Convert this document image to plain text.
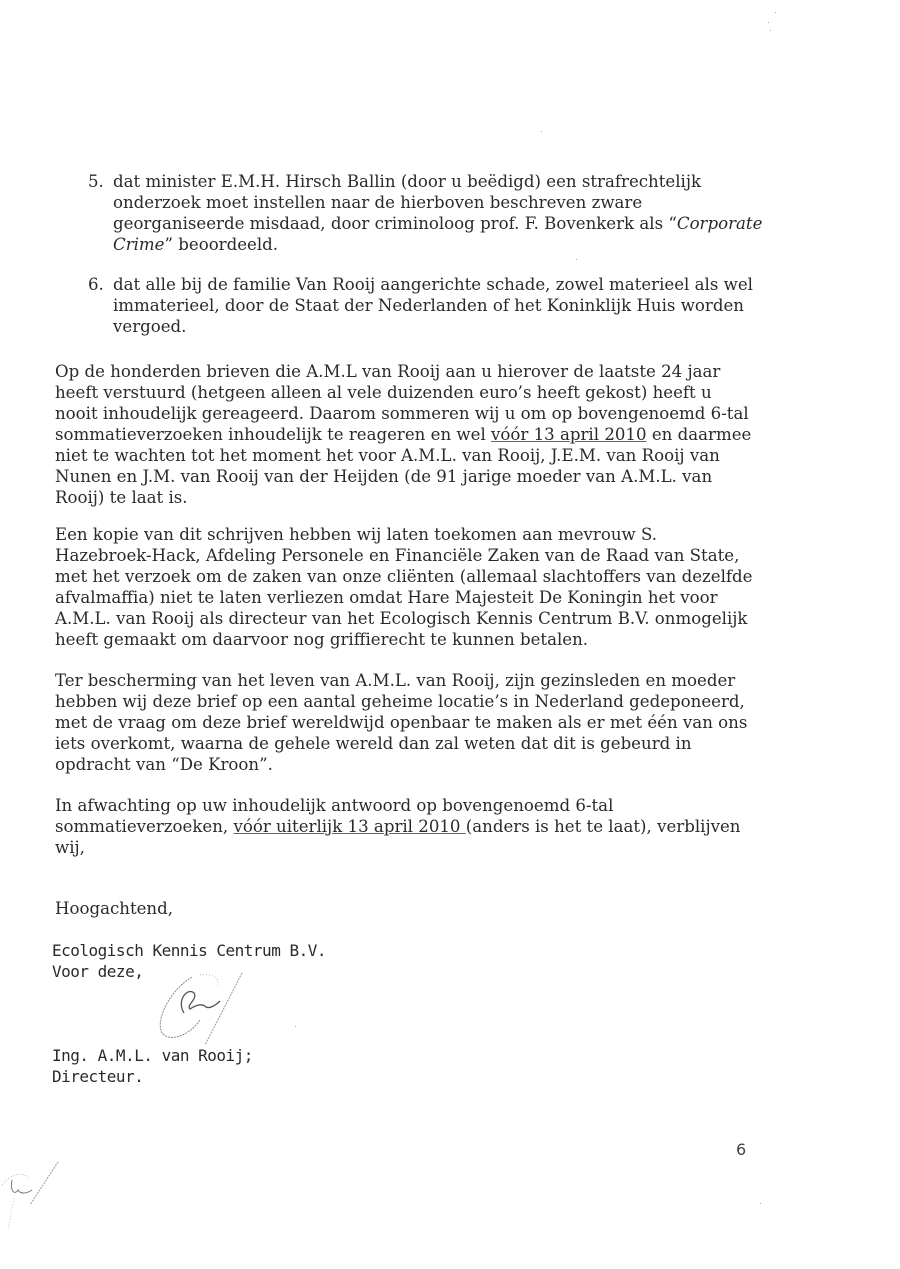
5. dat minister E.M.H. Hirsch Ballin (door u beëdigd) een strafrechtelijk onderzoek moet instellen naar de hierboven beschreven zware georganiseerde misdaad, door criminoloog prof. F. Bovenkerk als “Corporate Crime” beoordeeld.
6. dat alle bij de familie Van Rooij aangerichte schade, zowel materieel als wel immaterieel, door de Staat der Nederlanden of het Koninklijk Huis worden vergoed.
Op de honderden brieven die A.M.L van Rooij aan u hierover de laatste 24 jaar heeft verstuurd (hetgeen alleen al vele duizenden euro’s heeft gekost) heeft u nooit inhoudelijk gereageerd. Daarom sommeren wij u om op bovengenoemd 6-tal sommatieverzoeken inhoudelijk te reageren en wel vóór 13 april 2010 en daarmee niet te wachten tot het moment het voor A.M.L. van Rooij, J.E.M. van Rooij van Nunen en J.M. van Rooij van der Heijden (de 91 jarige moeder van A.M.L. van Rooij) te laat is.
Een kopie van dit schrijven hebben wij laten toekomen aan mevrouw S. Hazebroek-Hack, Afdeling Personele en Financiële Zaken van de Raad van State, met het verzoek om de zaken van onze cliënten (allemaal slachtoffers van dezelfde afvalmaffia) niet te laten verliezen omdat Hare Majesteit De Koningin het voor A.M.L. van Rooij als directeur van het Ecologisch Kennis Centrum B.V. onmogelijk heeft gemaakt om daarvoor nog griffierecht te kunnen betalen.
Ter bescherming van het leven van A.M.L. van Rooij, zijn gezinsleden en moeder hebben wij deze brief op een aantal geheime locatie’s in Nederland gedeponeerd, met de vraag om deze brief wereldwijd openbaar te maken als er met één van ons iets overkomt, waarna de gehele wereld dan zal weten dat dit is gebeurd in opdracht van “De Kroon”.
In afwachting op uw inhoudelijk antwoord op bovengenoemd 6-tal sommatieverzoeken, vóór uiterlijk 13 april 2010 (anders is het te laat), verblijven wij,
Hoogachtend,
Ecologisch Kennis Centrum B.V.
Voor deze,
Ing. A.M.L. van Rooij;
Directeur.
6
